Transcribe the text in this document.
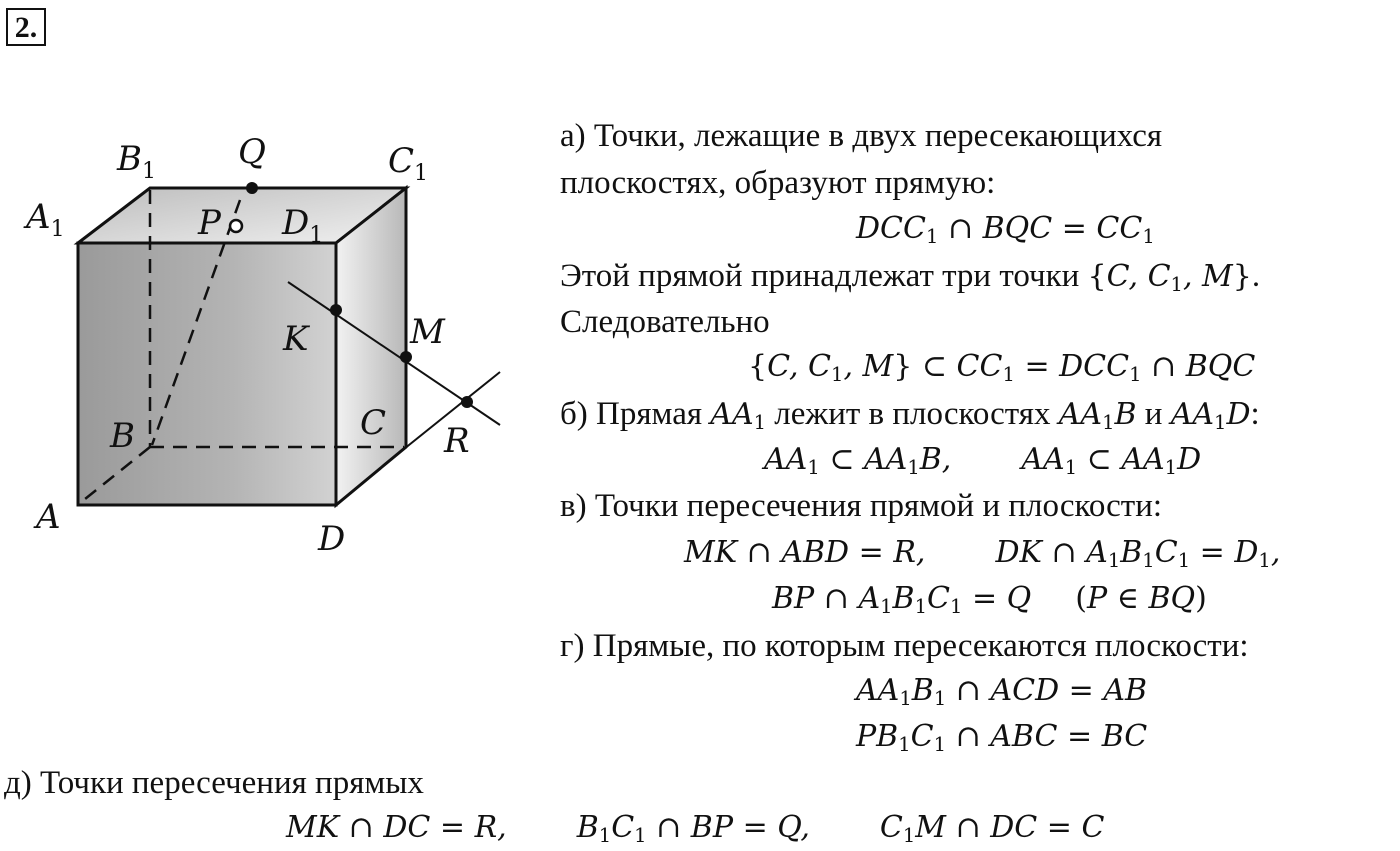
2.
$B_1$ Q	$C_1$
$A_1$	P $D_1$
K	M
B	C R
A
D
а) Точки, лежащие в двух пересекающихся
плоскостях, образуют прямую:
$DCC_1$ ∩ BQC = $CC_1$
Этой прямой принадлежат три точки {C, $C_1$, M}.
Следовательно
{C, $C_1$, M} ⊂ $CC_1 = DCC_1$ ∩ BQC
б) Прямая $AA_1$ лежит в плоскостях $AA_1B$ и $AA_1D$:
$AA_1$ ⊂ $AA_1B$, $AA_1$ ⊂ $AA_1D$
в) Точки пересечения прямой и плоскости:
MK ∩ ABD = R, DK ∩ $A_1B_1C_1 = D_1$,
BP ∩ $A_1B_1C_1 = Q$ (P ∈ BQ)
г) Прямые, по которым пересекаются плоскости:
$AA_1B_1$ ∩ ACD = AB
$PB_1C_1$ ∩ ABC = BC
д) Точки пересечения прямых
MK ∩ DC = R, $B_1C_1$ ∩ BP = Q, $C_1M$ ∩ DC = C
